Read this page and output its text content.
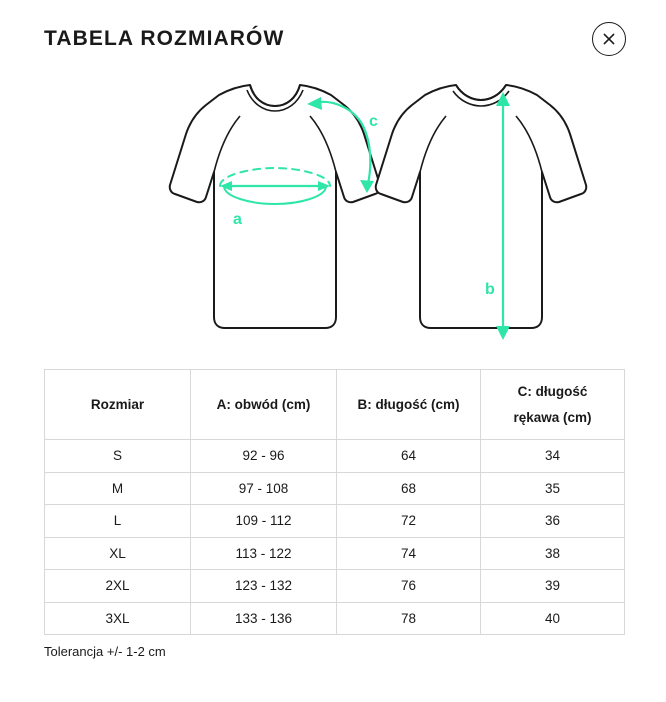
TABELA ROZMIARÓW
a
c
b
Rozmiar	A: obwód (cm)	B: długość (cm)	C: długość
rękawa (cm)
S	92 - 96	64	34
M	97 - 108	68	35
L	109 - 112	72	36
XL	113 - 122	74	38
2XL	123 - 132	76	39
3XL	133 - 136	78	40
Tolerancja +/- 1-2 cm
